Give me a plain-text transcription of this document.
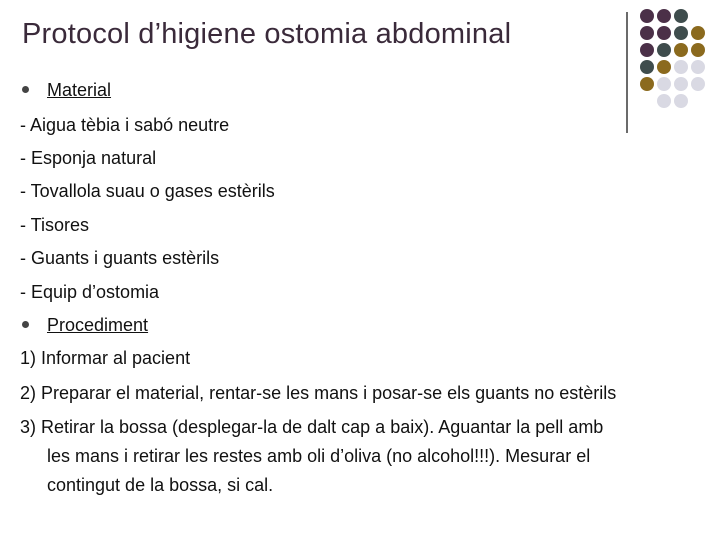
Protocol d’higiene ostomia abdominal
Material
- Aigua tèbia i sabó neutre
- Esponja natural
- Tovallola suau o gases estèrils
- Tisores
- Guants i guants estèrils
- Equip d’ostomia
Procediment
1) Informar al pacient
2) Preparar el material, rentar-se les mans i posar-se els guants no estèrils
3) Retirar la bossa (desplegar-la de dalt cap a baix). Aguantar la pell amb
les mans i retirar les restes amb oli d’oliva (no alcohol!!!). Mesurar el
contingut de la bossa, si cal.
